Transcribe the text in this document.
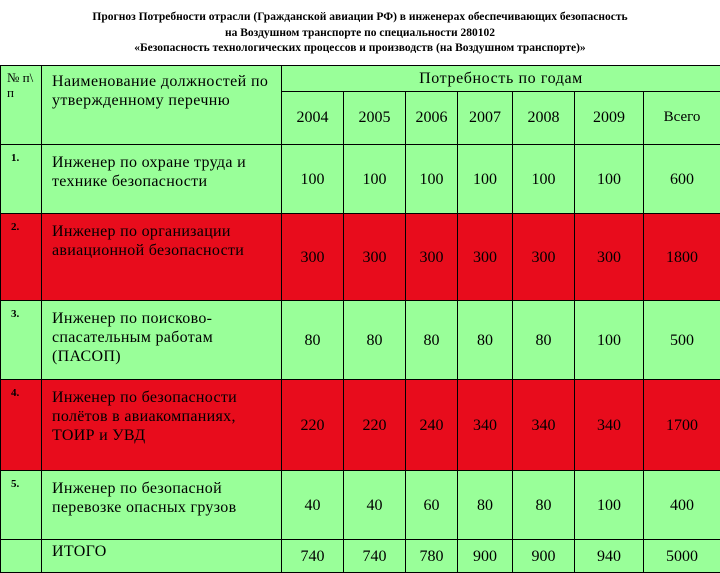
Прогноз Потребности отрасли (Гражданской авиации РФ) в инженерах обеспечивающих безопасность
на Воздушном транспорте по специальности 280102
«Безопасность технологических процессов и производств (на Воздушном транспорте)»
№ п\ п	Наименование должностей по утвержденному перечню	Потребность по годам						
		2004	2005	2006	2007	2008	2009	Всего
1.	Инженер по охране труда и технике безопасности	100	100	100	100	100	100	600
2.	Инженер по организации авиационной безопасности	300	300	300	300	300	300	1800
3.	Инженер по поисково-спасательным работам (ПАСОП)	80	80	80	80	80	100	500
4.	Инженер по безопасности полётов в авиакомпаниях, ТОИР и УВД	220	220	240	340	340	340	1700
5.	Инженер по безопасной перевозке опасных грузов	40	40	60	80	80	100	400
	ИТОГО	740	740	780	900	900	940	5000
